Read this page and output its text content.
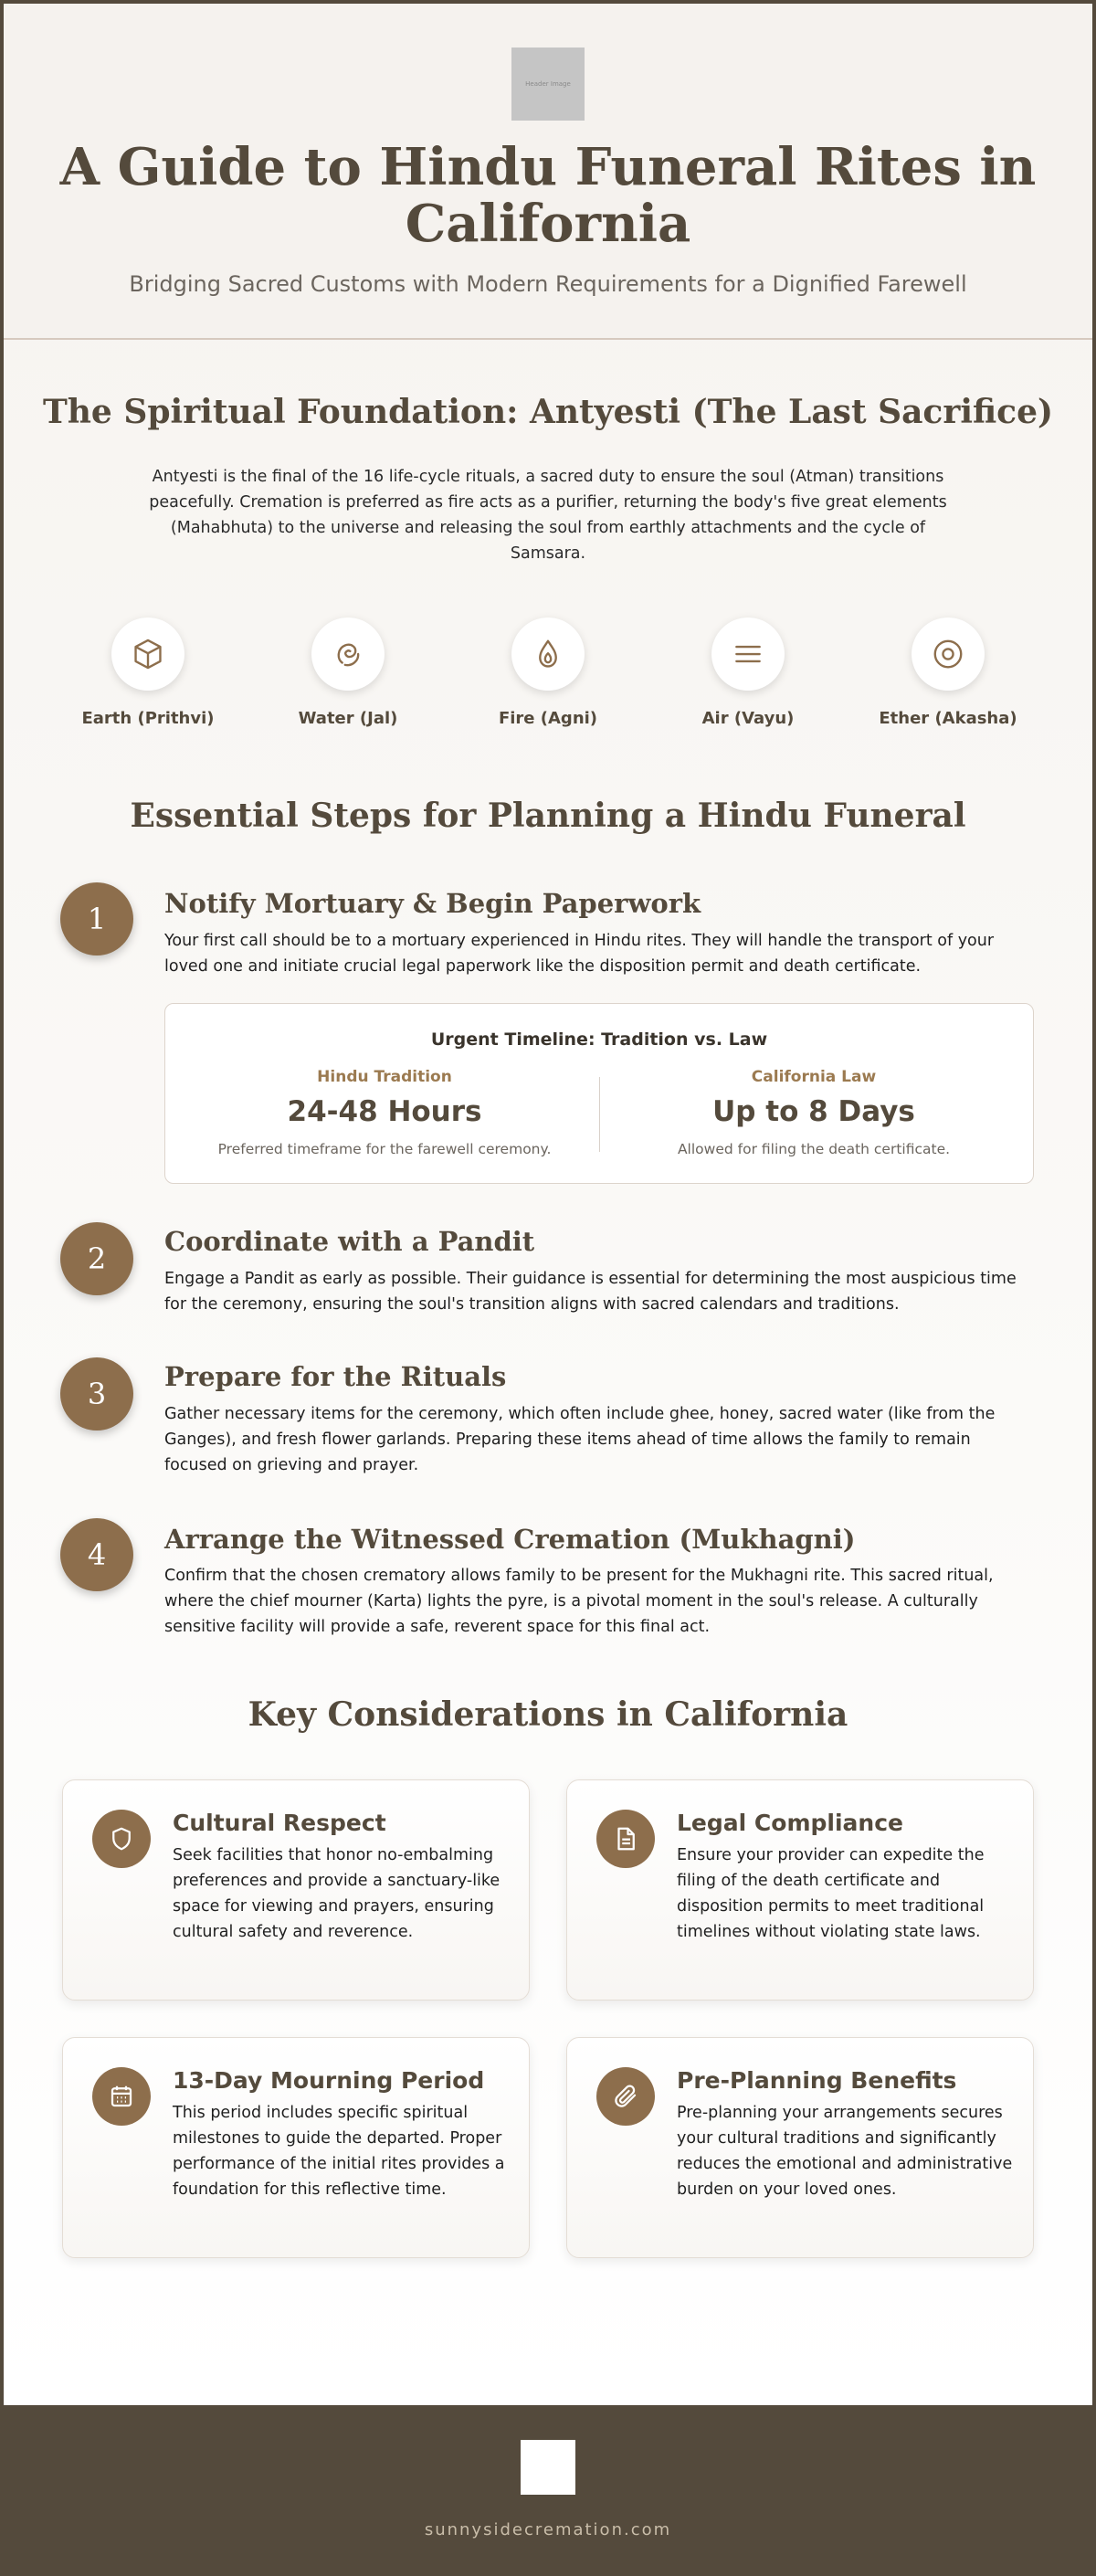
Header Image
A Guide to Hindu Funeral Rites in California

Bridging Sacred Customs with Modern Requirements for a Dignified Farewell

The Spiritual Foundation: Antyesti (The Last Sacrifice)

Antyesti is the final of the 16 life-cycle rituals, a sacred duty to ensure the soul (Atman) transitions peacefully. Cremation is preferred as fire acts as a purifier, returning the body's five great elements (Mahabhuta) to the universe and releasing the soul from earthly attachments and the cycle of Samsara.

Earth (Prithvi)	Water (Jal)	Fire (Agni)	Air (Vayu)	Ether (Akasha)
Essential Steps for Planning a Hindu Funeral
1	Notify Mortuary & Begin Paperwork

Your first call should be to a mortuary experienced in Hindu rites. They will handle the transport of your loved one and initiate crucial legal paperwork like the disposition permit and death certificate.

Urgent Timeline: Tradition vs. Law
Hindu Tradition
24-48 Hours
Preferred timeframe for the farewell ceremony.
California Law
Up to 8 Days
Allowed for filing the death certificate.
2	Coordinate with a Pandit

Engage a Pandit as early as possible. Their guidance is essential for determining the most auspicious time for the ceremony, ensuring the soul's transition aligns with sacred calendars and traditions.

3	Prepare for the Rituals

Gather necessary items for the ceremony, which often include ghee, honey, sacred water (like from the Ganges), and fresh flower garlands. Preparing these items ahead of time allows the family to remain focused on grieving and prayer.

4	Arrange the Witnessed Cremation (Mukhagni)

Confirm that the chosen crematory allows family to be present for the Mukhagni rite. This sacred ritual, where the chief mourner (Karta) lights the pyre, is a pivotal moment in the soul's release. A culturally sensitive facility will provide a safe, reverent space for this final act.

Key Considerations in California
Cultural Respect

Seek facilities that honor no-embalming preferences and provide a sanctuary-like space for viewing and prayers, ensuring cultural safety and reverence.

Legal Compliance

Ensure your provider can expedite the filing of the death certificate and disposition permits to meet traditional timelines without violating state laws.

13-Day Mourning Period

This period includes specific spiritual milestones to guide the departed. Proper performance of the initial rites provides a foundation for this reflective time.

Pre-Planning Benefits

Pre-planning your arrangements secures your cultural traditions and significantly reduces the emotional and administrative burden on your loved ones.

sunnysidecremation.com
